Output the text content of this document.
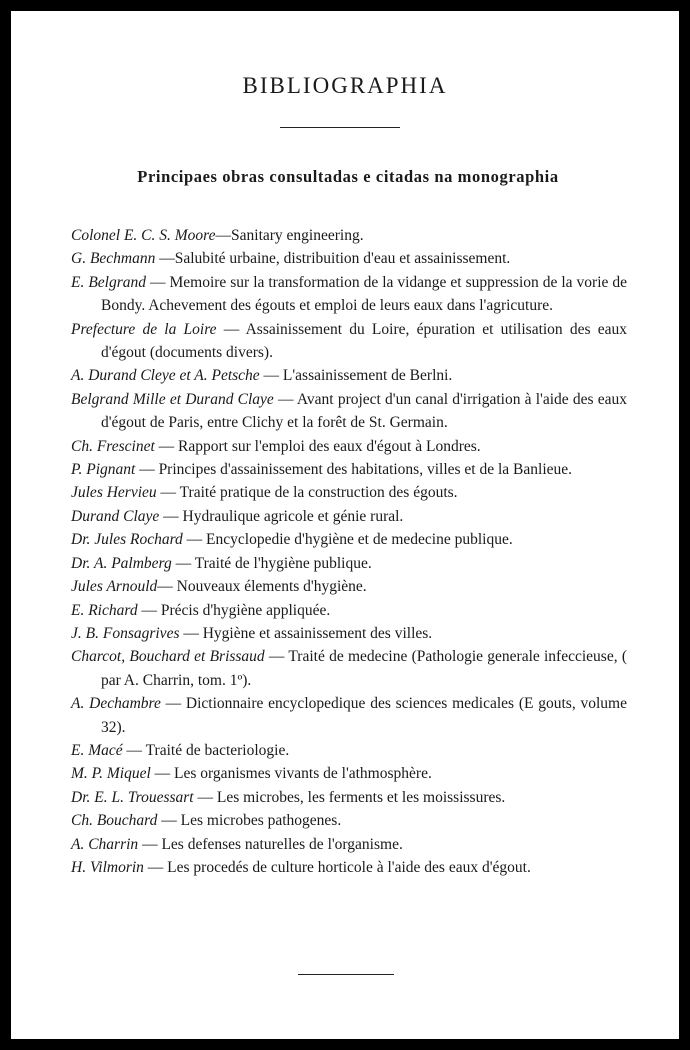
BIBLIOGRAPHIA
Principaes obras consultadas e citadas na monographia
Colonel E. C. S. Moore—Sanitary engineering.
G. Bechmann —Salubité urbaine, distribuition d'eau et assainissement.
E. Belgrand — Memoire sur la transformation de la vidange et suppression de la vorie de Bondy. Achevement des égouts et emploi de leurs eaux dans l'agricuture.
Prefecture de la Loire — Assainissement du Loire, épuration et utilisation des eaux d'égout (documents divers).
A. Durand Cleye et A. Petsche — L'assainissement de Berlni.
Belgrand Mille et Durand Claye — Avant project d'un canal d'irrigation à l'aide des eaux d'égout de Paris, entre Clichy et la forêt de St. Germain.
Ch. Frescinet — Rapport sur l'emploi des eaux d'égout à Londres.
P. Pignant — Principes d'assainissement des habitations, villes et de la Banlieue.
Jules Hervieu — Traité pratique de la construction des égouts.
Durand Claye — Hydraulique agricole et génie rural.
Dr. Jules Rochard — Encyclopedie d'hygiène et de medecine publique.
Dr. A. Palmberg — Traité de l'hygiène publique.
Jules Arnould— Nouveaux élements d'hygiène.
E. Richard — Précis d'hygiène appliquée.
J. B. Fonsagrives — Hygiène et assainissement des villes.
Charcot, Bouchard et Brissaud — Traité de medecine (Pathologie generale infeccieuse, ( par A. Charrin, tom. 1º).
A. Dechambre — Dictionnaire encyclopedique des sciences medicales (E gouts, volume 32).
E. Macé — Traité de bacteriologie.
M. P. Miquel — Les organismes vivants de l'athmosphère.
Dr. E. L. Trouessart — Les microbes, les ferments et les moississures.
Ch. Bouchard — Les microbes pathogenes.
A. Charrin — Les defenses naturelles de l'organisme.
H. Vilmorin — Les procedés de culture horticole à l'aide des eaux d'égout.
